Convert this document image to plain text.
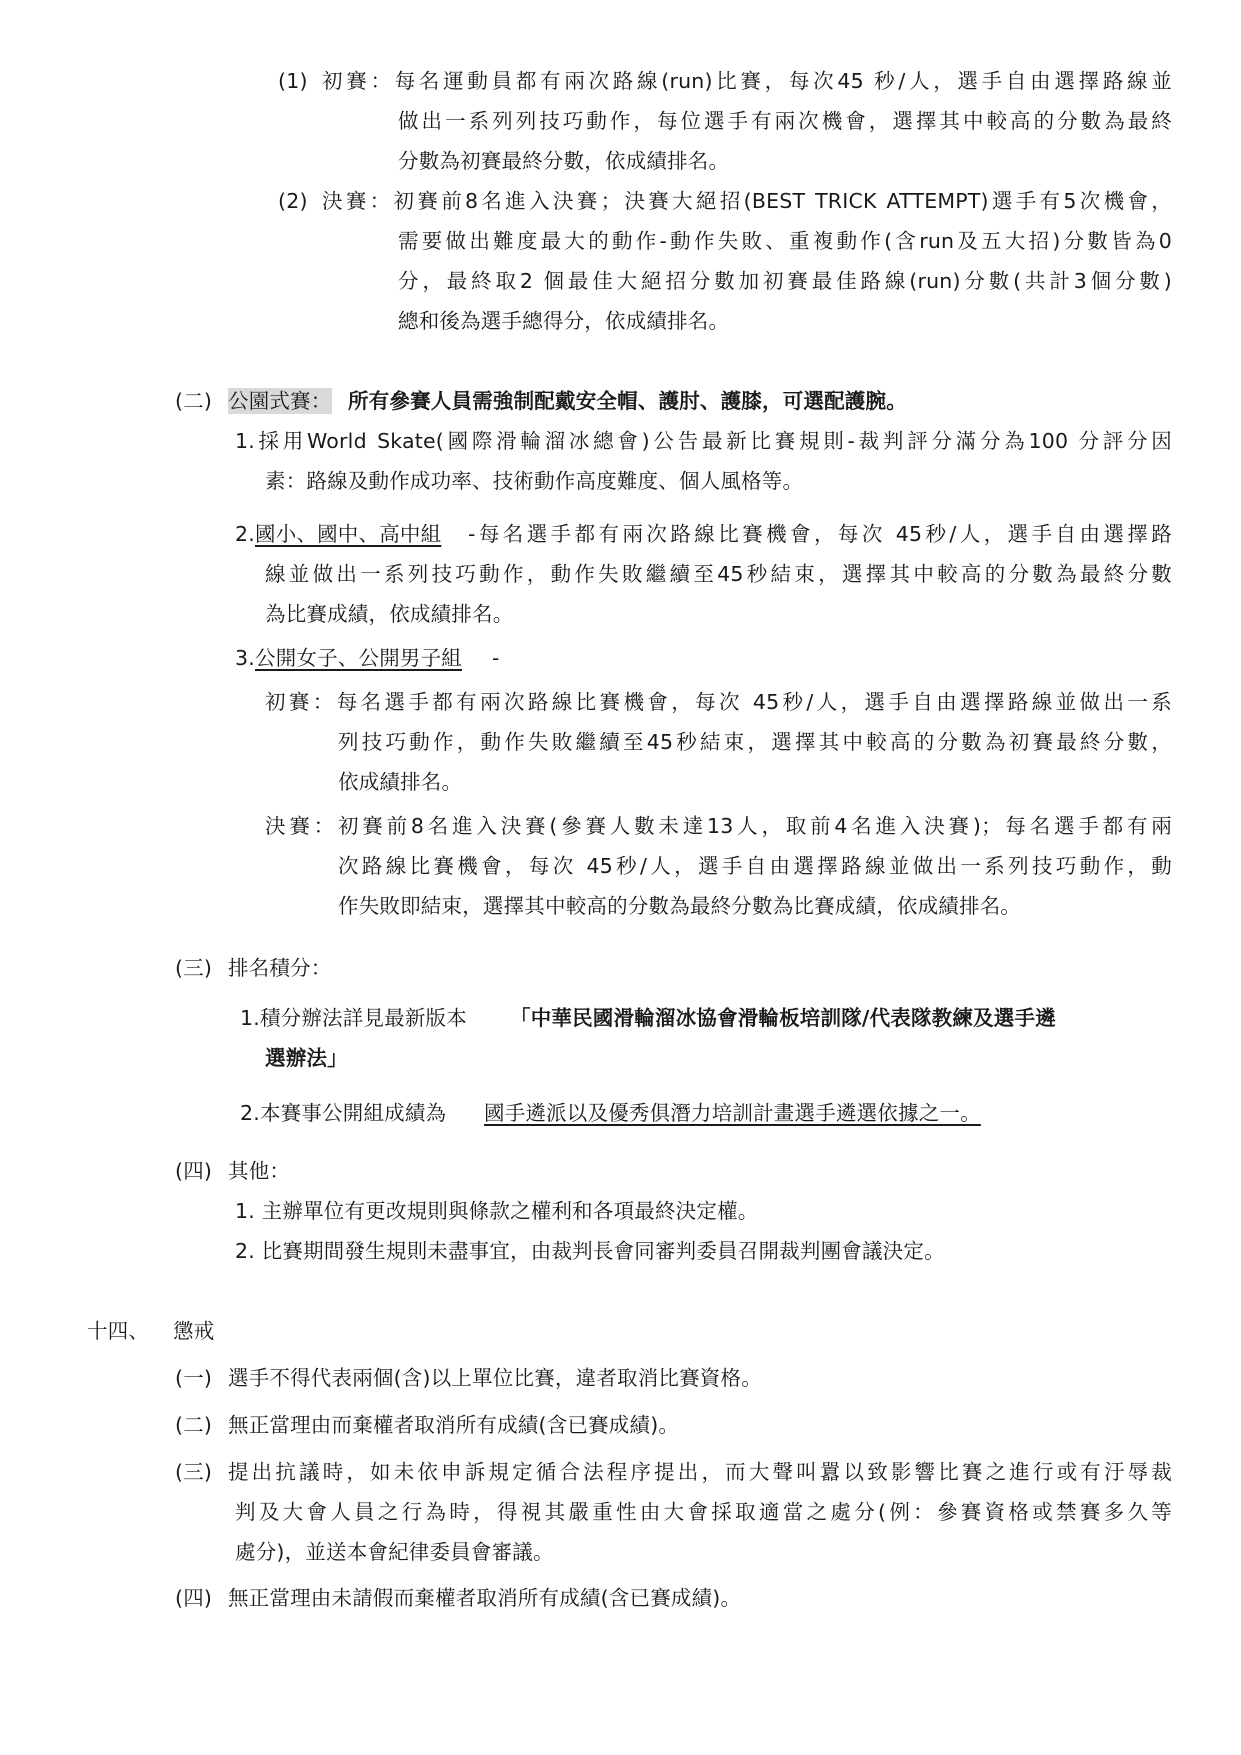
(1) 初賽：每名運動員都有兩次路線(run)比賽，每次45 秒/人，選手自由選擇路線並
做出一系列列技巧動作，每位選手有兩次機會，選擇其中較高的分數為最終
分數為初賽最終分數，依成績排名。
(2) 決賽：初賽前8名進入決賽；決賽大絕招(BEST TRICK ATTEMPT)選手有5次機會，
需要做出難度最大的動作-動作失敗、重複動作(含run及五大招)分數皆為0
分，最終取2 個最佳大絕招分數加初賽最佳路線(run)分數(共計3個分數)
總和後為選手總得分，依成績排名。
(二) 公園式賽： 所有參賽人員需強制配戴安全帽、護肘、護膝，可選配護腕。
1.採用World Skate(國際滑輪溜冰總會)公告最新比賽規則-裁判評分滿分為100 分評分因
素：路線及動作成功率、技術動作高度難度、個人風格等。
2. 國小、國中、高中組 -每名選手都有兩次路線比賽機會，每次 45秒/人，選手自由選擇路
線並做出一系列技巧動作，動作失敗繼續至45秒結束，選擇其中較高的分數為最終分數
為比賽成績，依成績排名。
3. 公開女子、公開男子組 -
初賽：每名選手都有兩次路線比賽機會，每次 45秒/人，選手自由選擇路線並做出一系
列技巧動作，動作失敗繼續至45秒結束，選擇其中較高的分數為初賽最終分數，
依成績排名。
決賽：初賽前8名進入決賽(參賽人數未達13人，取前4名進入決賽)；每名選手都有兩
次路線比賽機會，每次 45秒/人，選手自由選擇路線並做出一系列技巧動作，動
作失敗即結束，選擇其中較高的分數為最終分數為比賽成績，依成績排名。
(三) 排名積分：
1.積分辦法詳見最新版本 「中華民國滑輪溜冰協會滑輪板培訓隊/代表隊教練及選手遴
選辦法」
2.本賽事公開組成績為 國手遴派以及優秀俱潛力培訓計畫選手遴選依據之一。
(四) 其他：
1. 主辦單位有更改規則與條款之權利和各項最終決定權。
2. 比賽期間發生規則未盡事宜，由裁判長會同審判委員召開裁判團會議決定。
十四、 懲戒
(一) 選手不得代表兩個(含)以上單位比賽，違者取消比賽資格。
(二) 無正當理由而棄權者取消所有成績(含已賽成績)。
(三) 提出抗議時，如未依申訴規定循合法程序提出，而大聲叫囂以致影響比賽之進行或有汙辱裁
判及大會人員之行為時，得視其嚴重性由大會採取適當之處分(例：參賽資格或禁賽多久等
處分)，並送本會紀律委員會審議。
(四) 無正當理由未請假而棄權者取消所有成績(含已賽成績)。
